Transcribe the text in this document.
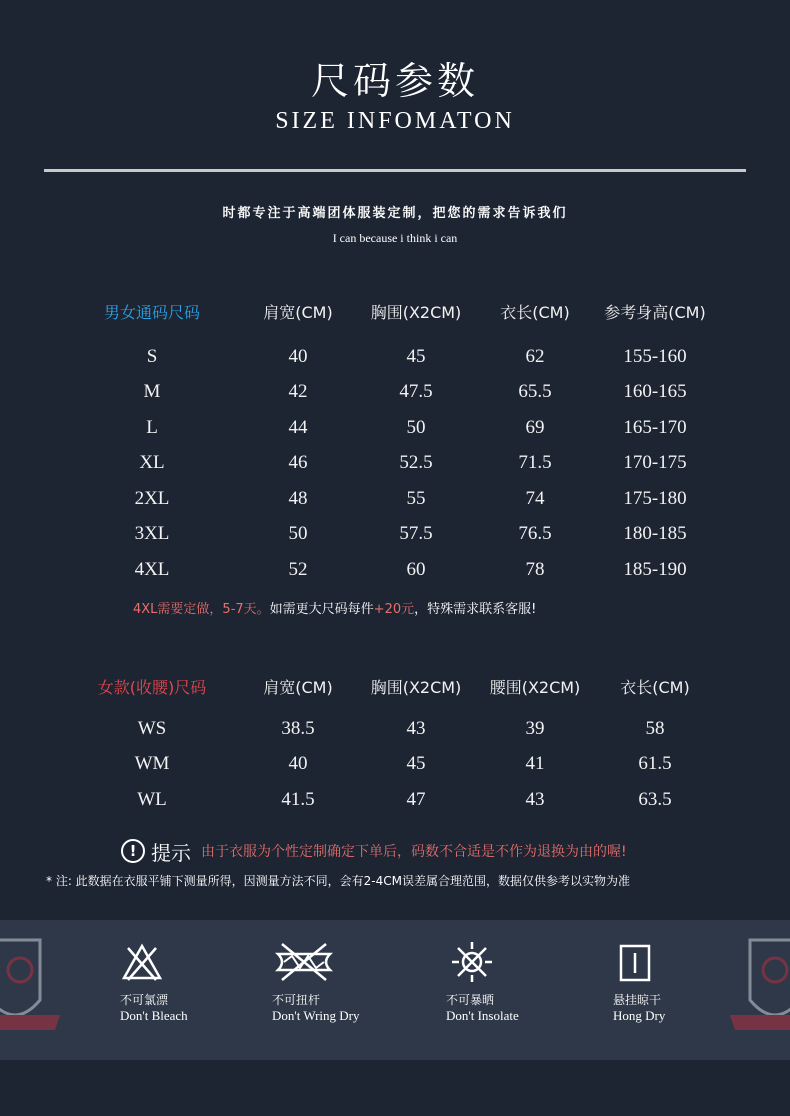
尺码参数
SIZE INFOMATON
时都专注于高端团体服装定制，把您的需求告诉我们
I can because i think i can
男女通码尺码	肩宽(CM) 胸围(X2CM) 衣长(CM) 参考身高(CM)
S	40	45	62	155-160
M	42	47.5	65.5	160-165
L	44	50	69	165-170
XL	46	52.5	71.5	170-175
2XL	48	55	74	175-180
3XL	50	57.5	76.5	180-185
4XL	52	60	78	185-190
4XL需要定做，5-7天。如需更大尺码每件+20元，特殊需求联系客服!
女款(收腰)尺码	肩宽(CM) 胸围(X2CM) 腰围(X2CM) 衣长(CM)
WS	38.5	43	39	58
WM	40	45	41	61.5
WL	41.5	47	43	63.5
! 提示 由于衣服为个性定制确定下单后，码数不合适是不作为退换为由的喔!
* 注: 此数据在衣服平铺下测量所得，因测量方法不同，会有2-4CM误差属合理范围，数据仅供参考以实物为准
不可氯漂
Don't Bleach
不可扭杆
Don't Wring Dry
不可暴晒
Don't Insolate
悬挂晾干
Hong Dry
